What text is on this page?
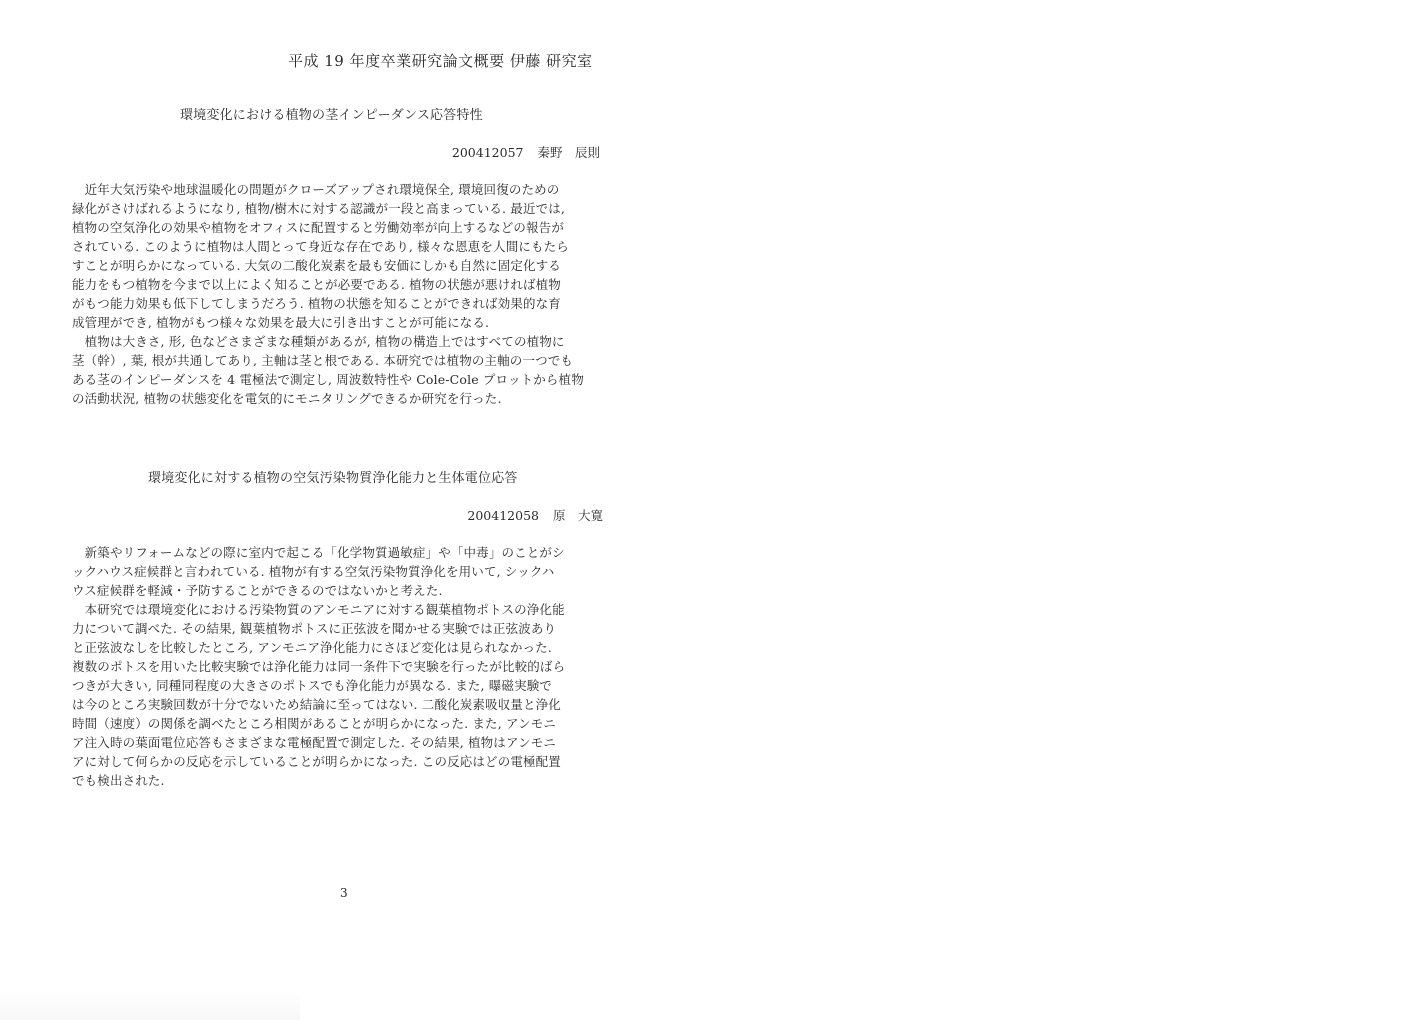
平成 19 年度卒業研究論文概要 伊藤 研究室
環境変化における植物の茎インピーダンス応答特性
200412057 秦野　辰則
　近年大気汚染や地球温暖化の問題がクローズアップされ環境保全, 環境回復のための
緑化がさけばれるようになり, 植物/樹木に対する認識が一段と高まっている. 最近では,
植物の空気浄化の効果や植物をオフィスに配置すると労働効率が向上するなどの報告が
されている. このように植物は人間とって身近な存在であり, 様々な恩恵を人間にもたら
すことが明らかになっている. 大気の二酸化炭素を最も安価にしかも自然に固定化する
能力をもつ植物を今まで以上によく知ることが必要である. 植物の状態が悪ければ植物
がもつ能力効果も低下してしまうだろう. 植物の状態を知ることができれば効果的な育
成管理ができ, 植物がもつ様々な効果を最大に引き出すことが可能になる.
　植物は大きさ, 形, 色などさまざまな種類があるが, 植物の構造上ではすべての植物に
茎（幹）, 葉, 根が共通してあり, 主軸は茎と根である. 本研究では植物の主軸の一つでも
ある茎のインピーダンスを 4 電極法で測定し, 周波数特性や Cole-Cole プロットから植物
の活動状況, 植物の状態変化を電気的にモニタリングできるか研究を行った.
環境変化に対する植物の空気汚染物質浄化能力と生体電位応答
200412058 原　大寛
　新築やリフォームなどの際に室内で起こる「化学物質過敏症」や「中毒」のことがシ
ックハウス症候群と言われている. 植物が有する空気汚染物質浄化を用いて, シックハ
ウス症候群を軽減・予防することができるのではないかと考えた.
　本研究では環境変化における汚染物質のアンモニアに対する観葉植物ポトスの浄化能
力について調べた. その結果, 観葉植物ポトスに正弦波を聞かせる実験では正弦波あり
と正弦波なしを比較したところ, アンモニア浄化能力にさほど変化は見られなかった.
複数のポトスを用いた比較実験では浄化能力は同一条件下で実験を行ったが比較的ばら
つきが大きい, 同種同程度の大きさのポトスでも浄化能力が異なる. また, 曝磁実験で
は今のところ実験回数が十分でないため結論に至ってはない. 二酸化炭素吸収量と浄化
時間（速度）の関係を調べたところ相関があることが明らかになった. また, アンモニ
ア注入時の葉面電位応答もさまざまな電極配置で測定した. その結果, 植物はアンモニ
アに対して何らかの反応を示していることが明らかになった. この反応はどの電極配置
でも検出された.
3
